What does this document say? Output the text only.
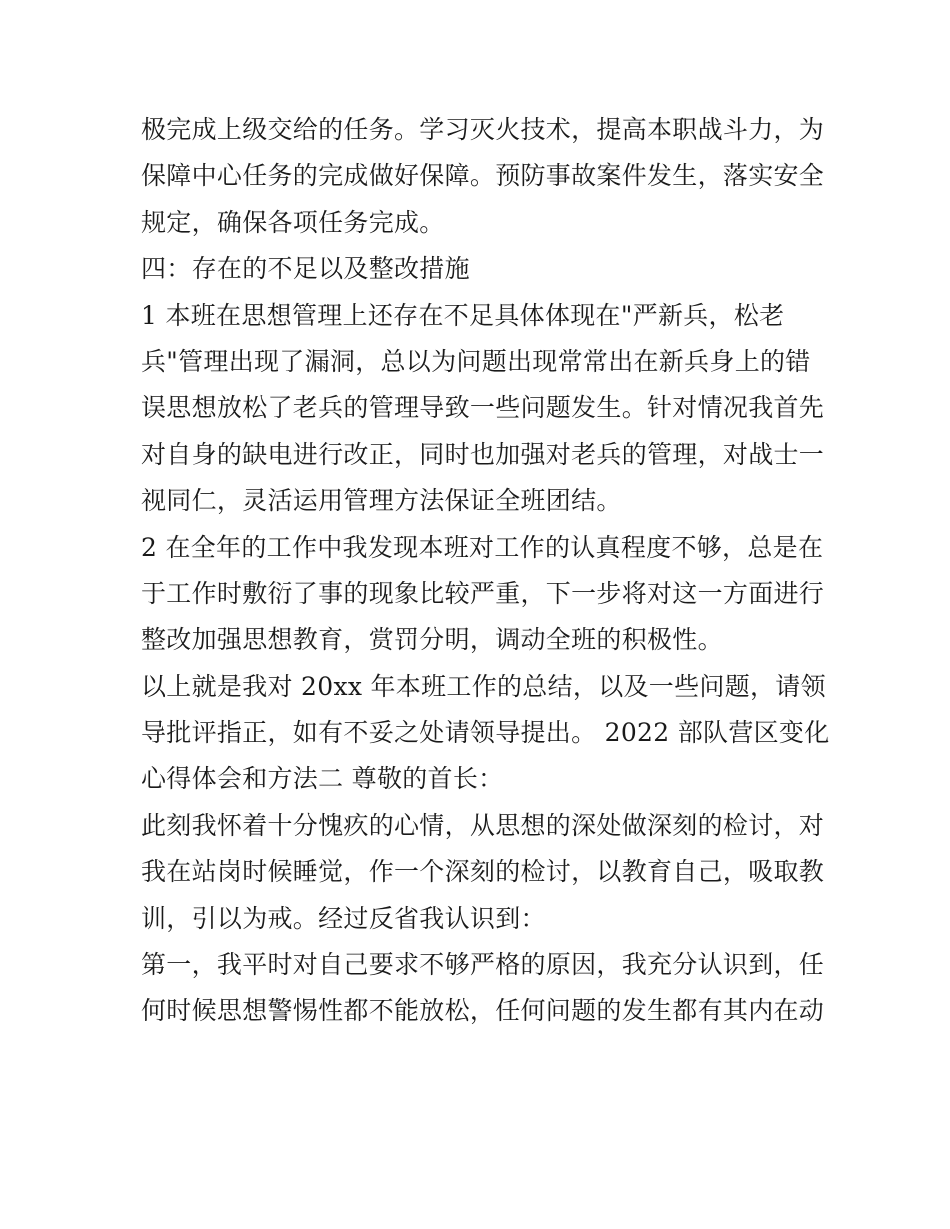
极完成上级交给的任务。学习灭火技术，提高本职战斗力，为
保障中心任务的完成做好保障。预防事故案件发生，落实安全
规定，确保各项任务完成。
四：存在的不足以及整改措施
1 本班在思想管理上还存在不足具体体现在"严新兵，松老
兵"管理出现了漏洞，总以为问题出现常常出在新兵身上的错
误思想放松了老兵的管理导致一些问题发生。针对情况我首先
对自身的缺电进行改正，同时也加强对老兵的管理，对战士一
视同仁，灵活运用管理方法保证全班团结。
2 在全年的工作中我发现本班对工作的认真程度不够，总是在
于工作时敷衍了事的现象比较严重，下一步将对这一方面进行
整改加强思想教育，赏罚分明，调动全班的积极性。
以上就是我对 20xx 年本班工作的总结，以及一些问题，请领
导批评指正，如有不妥之处请领导提出。 2022 部队营区变化
心得体会和方法二 尊敬的首长：
此刻我怀着十分愧疚的心情，从思想的深处做深刻的检讨，对
我在站岗时候睡觉，作一个深刻的检讨，以教育自己，吸取教
训，引以为戒。经过反省我认识到：
第一，我平时对自己要求不够严格的原因，我充分认识到，任
何时候思想警惕性都不能放松，任何问题的发生都有其内在动
